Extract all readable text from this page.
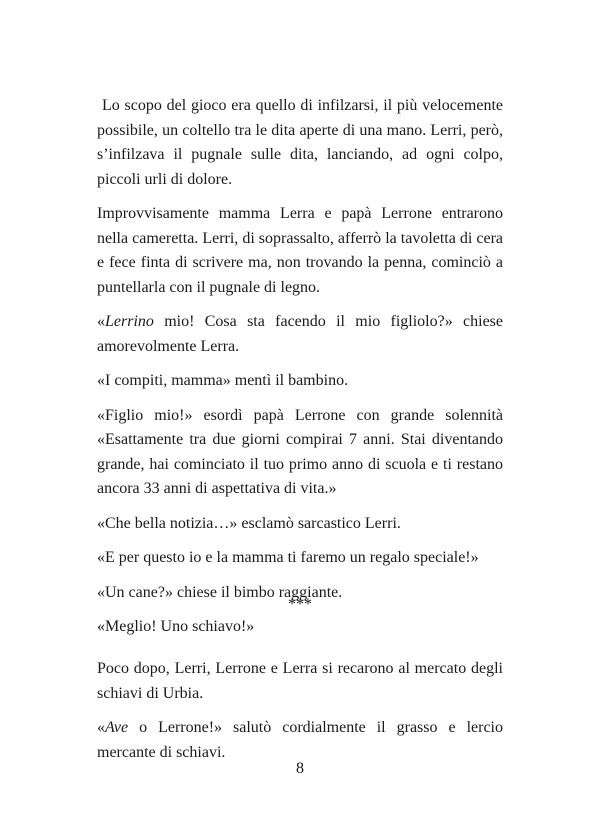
Lo scopo del gioco era quello di infilzarsi, il più velocemente possibile, un coltello tra le dita aperte di una mano. Lerri, però, s’infilzava il pugnale sulle dita, lanciando, ad ogni colpo, piccoli urli di dolore.

Improvvisamente mamma Lerra e papà Lerrone entrarono nella cameretta. Lerri, di soprassalto, afferrò la tavoletta di cera e fece finta di scrivere ma, non trovando la penna, cominciò a puntellarla con il pugnale di legno.

«Lerrino mio! Cosa sta facendo il mio figliolo?» chiese amorevolmente Lerra.

«I compiti, mamma» mentì il bambino.

«Figlio mio!» esordì papà Lerrone con grande solennità «Esattamente tra due giorni compirai 7 anni. Stai diventando grande, hai cominciato il tuo primo anno di scuola e ti restano ancora 33 anni di aspettativa di vita.»

«Che bella notizia…» esclamò sarcastico Lerri.

«E per questo io e la mamma ti faremo un regalo speciale!»

«Un cane?» chiese il bimbo raggiante.

«Meglio! Uno schiavo!»

***

Poco dopo, Lerri, Lerrone e Lerra si recarono al mercato degli schiavi di Urbia.

«Ave o Lerrone!» salutò cordialmente il grasso e lercio mercante di schiavi.

8
